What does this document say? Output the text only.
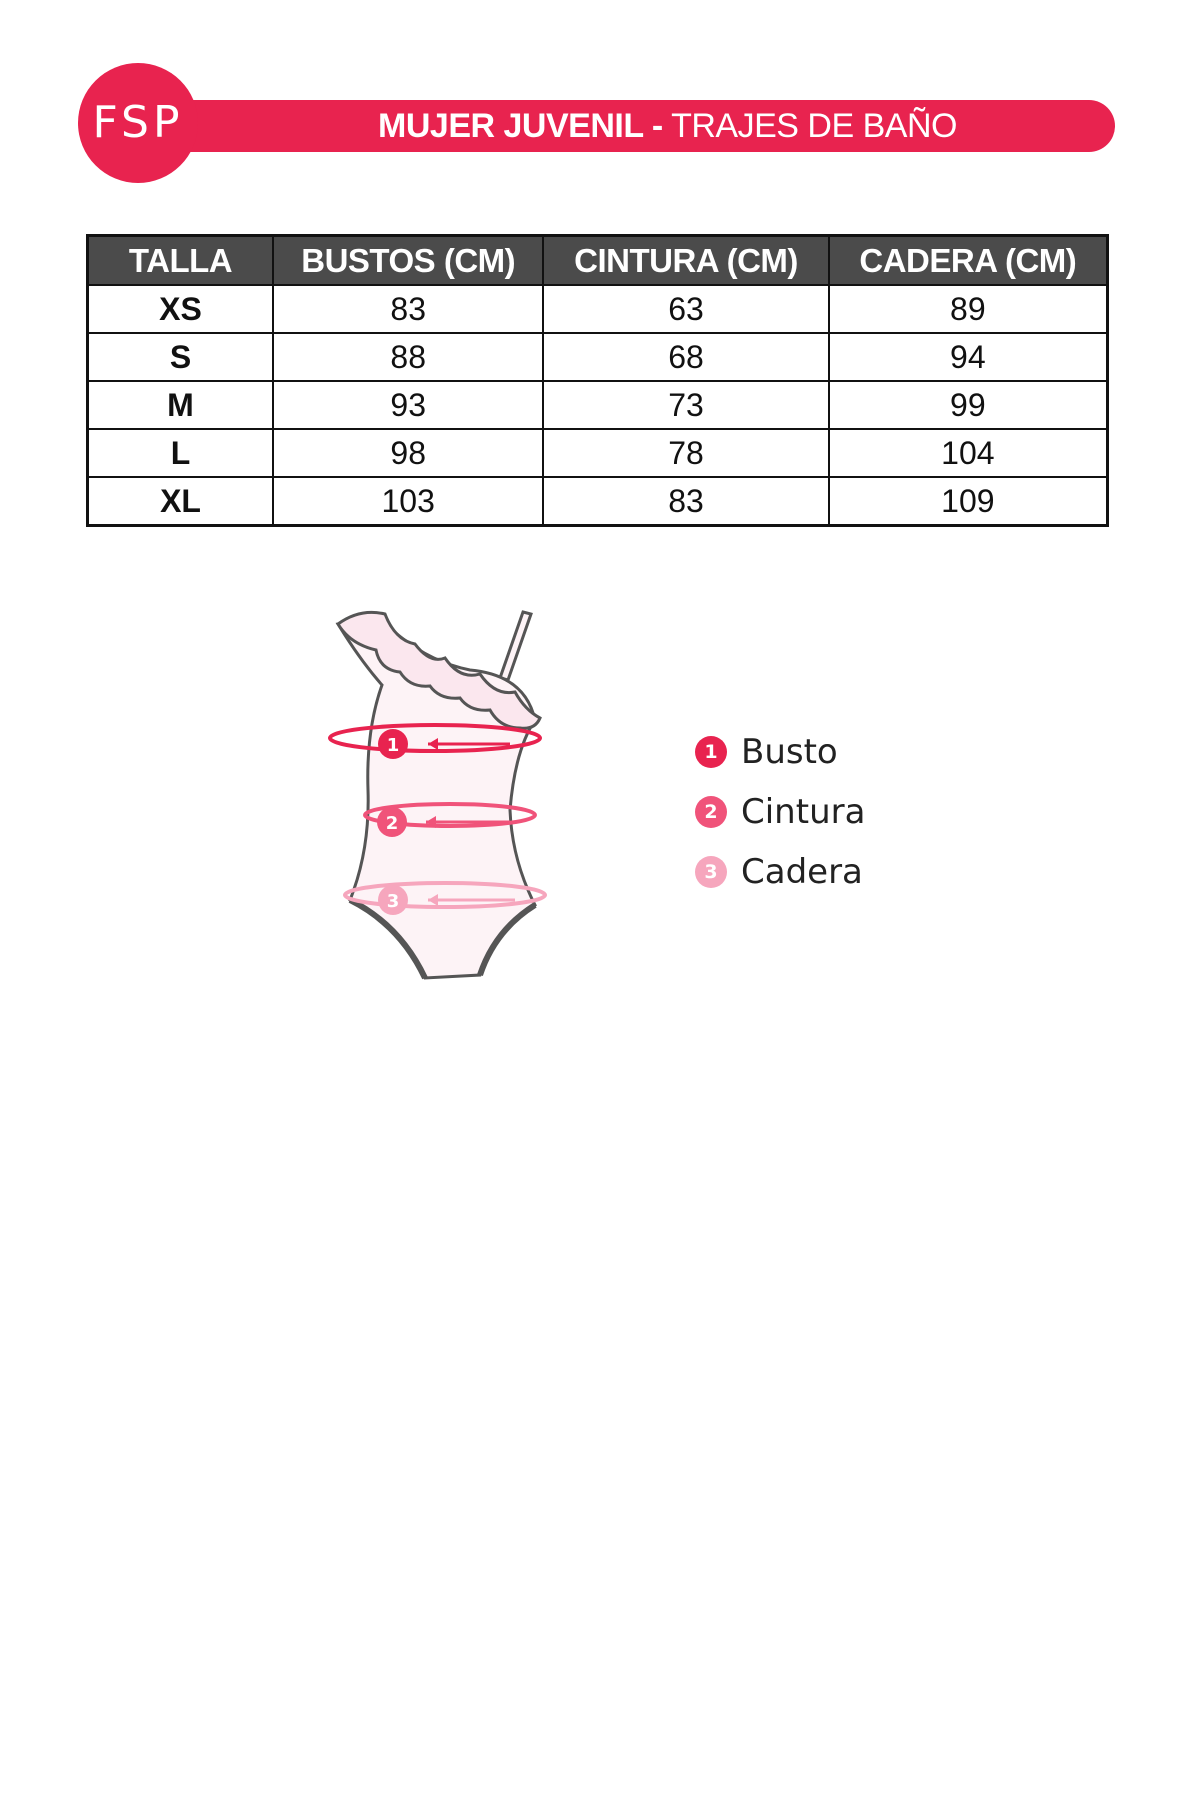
MUJER JUVENIL - TRAJES DE BAÑO
FSP
TALLA	BUSTOS (CM)	CINTURA (CM)	CADERA (CM)
XS	83	63	89
S	88	68	94
M	93	73	99
L	98	78	104
XL	103	83	109
1
2
3
1 Busto
2 Cintura
3 Cadera
